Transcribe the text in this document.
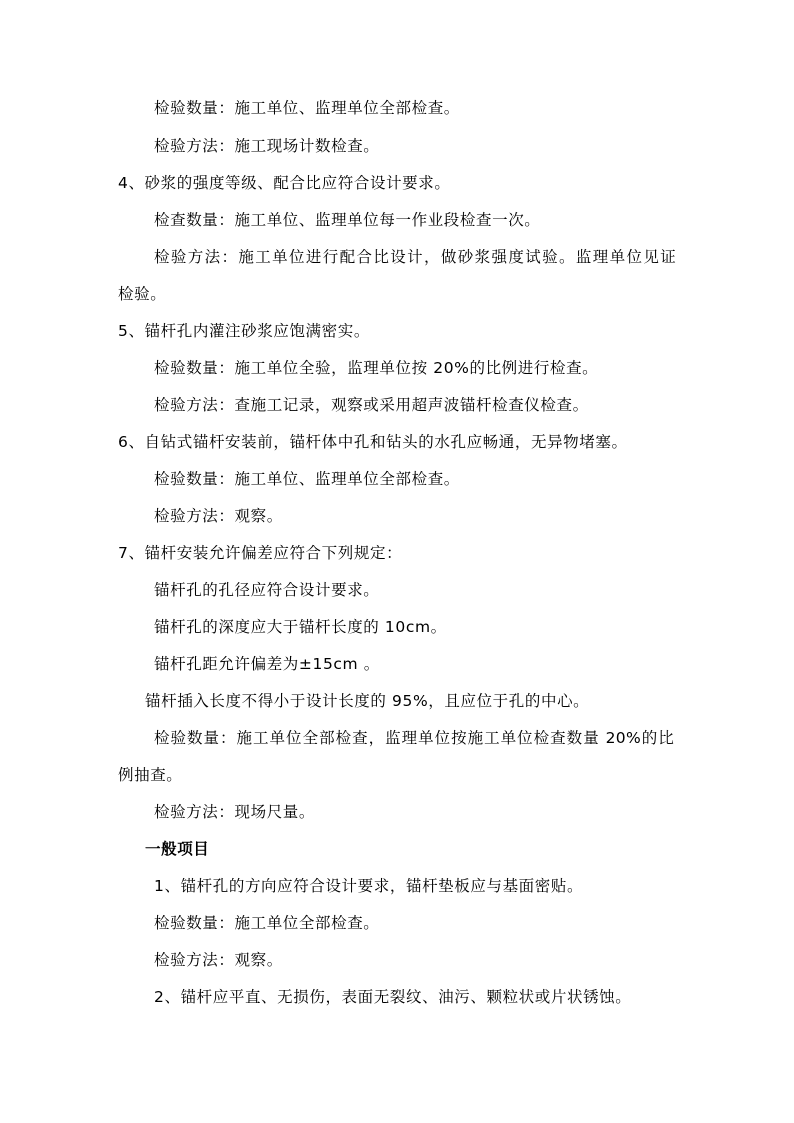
检验数量：施工单位、监理单位全部检查。
检验方法：施工现场计数检查。
4、砂浆的强度等级、配合比应符合设计要求。
检查数量：施工单位、监理单位每一作业段检查一次。
检验方法：施工单位进行配合比设计，做砂浆强度试验。监理单位见证
检验。
5、锚杆孔内灌注砂浆应饱满密实。
检验数量：施工单位全验，监理单位按 20%的比例进行检查。
检验方法：查施工记录，观察或采用超声波锚杆检查仪检查。
6、自钻式锚杆安装前，锚杆体中孔和钻头的水孔应畅通，无异物堵塞。
检验数量：施工单位、监理单位全部检查。
检验方法：观察。
7、锚杆安装允许偏差应符合下列规定：
锚杆孔的孔径应符合设计要求。
锚杆孔的深度应大于锚杆长度的 10cm。
锚杆孔距允许偏差为±15cm 。
锚杆插入长度不得小于设计长度的 95%，且应位于孔的中心。
检验数量：施工单位全部检查，监理单位按施工单位检查数量 20%的比
例抽查。
检验方法：现场尺量。
一般项目
1、锚杆孔的方向应符合设计要求，锚杆垫板应与基面密贴。
检验数量：施工单位全部检查。
检验方法：观察。
2、锚杆应平直、无损伤，表面无裂纹、油污、颗粒状或片状锈蚀。
